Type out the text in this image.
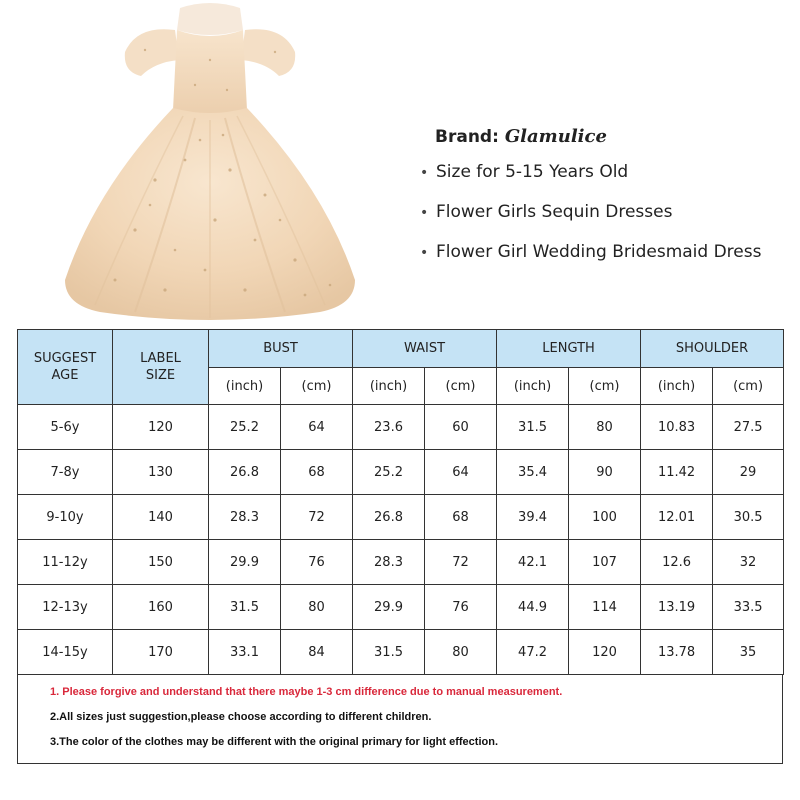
Brand: Glamulice
• Size for 5-15 Years Old
• Flower Girls Sequin Dresses
• Flower Girl Wedding Bridesmaid Dress
SUGGEST
AGE	LABEL
SIZE	BUST		WAIST		LENGTH		SHOULDER	
		(inch)	(cm)	(inch)	(cm)	(inch)	(cm)	(inch)	(cm)
5-6y	120	25.2	64	23.6	60	31.5	80	10.83	27.5
7-8y	130	26.8	68	25.2	64	35.4	90	11.42	29
9-10y	140	28.3	72	26.8	68	39.4	100	12.01	30.5
11-12y	150	29.9	76	28.3	72	42.1	107	12.6	32
12-13y	160	31.5	80	29.9	76	44.9	114	13.19	33.5
14-15y	170	33.1	84	31.5	80	47.2	120	13.78	35
1. Please forgive and understand that there maybe 1-3 cm difference due to manual measurement.
2.All sizes just suggestion,please choose according to different children.
3.The color of the clothes may be different with the original primary for light effection.
